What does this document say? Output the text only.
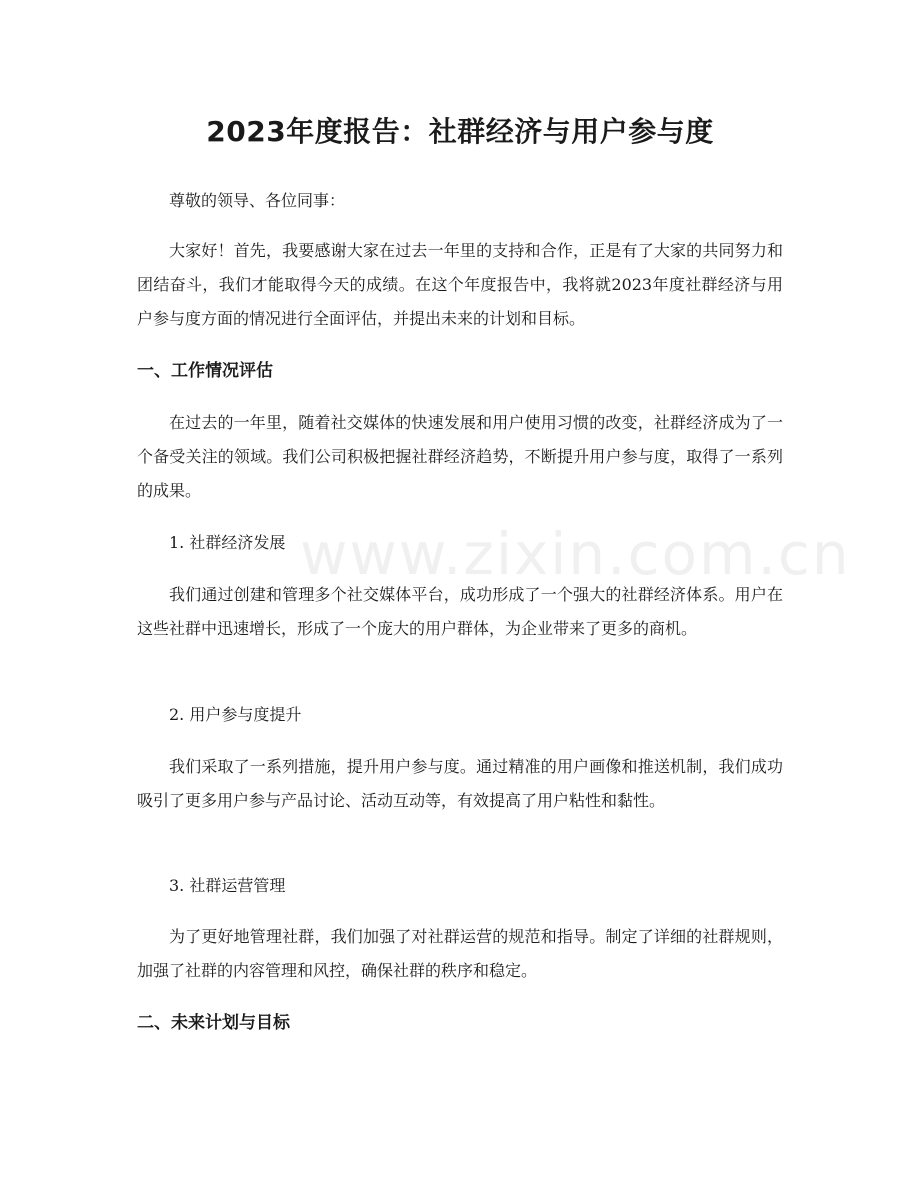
2023年度报告：社群经济与用户参与度

尊敬的领导、各位同事：

大家好！首先，我要感谢大家在过去一年里的支持和合作，正是有了大家的共同努力和团结奋斗，我们才能取得今天的成绩。在这个年度报告中，我将就2023年度社群经济与用户参与度方面的情况进行全面评估，并提出未来的计划和目标。

一、工作情况评估

在过去的一年里，随着社交媒体的快速发展和用户使用习惯的改变，社群经济成为了一个备受关注的领域。我们公司积极把握社群经济趋势，不断提升用户参与度，取得了一系列的成果。

1. 社群经济发展

我们通过创建和管理多个社交媒体平台，成功形成了一个强大的社群经济体系。用户在这些社群中迅速增长，形成了一个庞大的用户群体，为企业带来了更多的商机。

2. 用户参与度提升

我们采取了一系列措施，提升用户参与度。通过精准的用户画像和推送机制，我们成功吸引了更多用户参与产品讨论、活动互动等，有效提高了用户粘性和黏性。

3. 社群运营管理

为了更好地管理社群，我们加强了对社群运营的规范和指导。制定了详细的社群规则，加强了社群的内容管理和风控，确保社群的秩序和稳定。

二、未来计划与目标
www.zixin.com.cn
